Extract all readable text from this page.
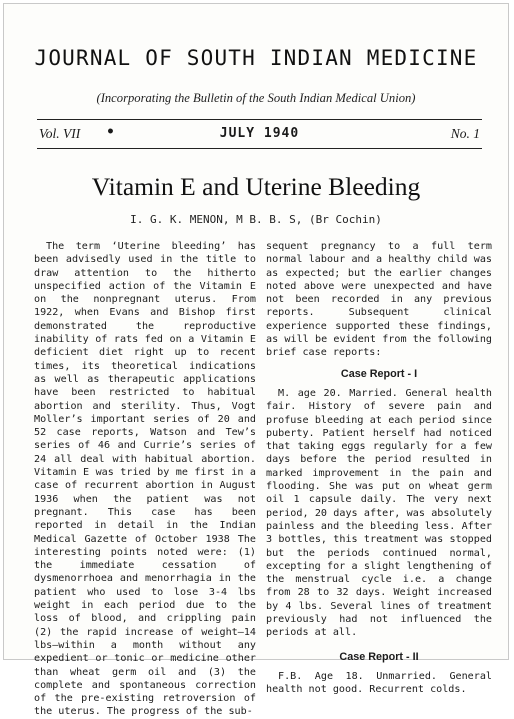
JOURNAL OF SOUTH INDIAN MEDICINE
(Incorporating the Bulletin of the South Indian Medical Union)
Vol. VII •	JULY 1940	No. 1
Vitamin E and Uterine Bleeding
I. G. K. MENON, M B. B. S, (Br Cochin)

The term ‘Uterine bleeding’ has been advisedly used in the title to draw attention to the hitherto unspecified action of the Vitamin E on the nonpregnant uterus. From 1922, when Evans and Bishop first demonstrated the reproductive inability of rats fed on a Vitamin E deficient diet right up to recent times, its theoretical indications as well as therapeutic applications have been restricted to habitual abortion and sterility. Thus, Vogt Moller’s important series of 20 and 52 case reports, Watson and Tew’s series of 46 and Currie’s series of 24 all deal with habitual abortion. Vitamin E was tried by me first in a case of recurrent abortion in August 1936 when the patient was not pregnant. This case has been reported in detail in the Indian Medical Gazette of October 1938 The interesting points noted were: (1) the immediate cessation of dysmenorrhoea and menorrhagia in the patient who used to lose 3-4 lbs weight in each period due to the loss of blood, and crippling pain (2) the rapid increase of weight—14 lbs—within a month without any expedient or tonic or medicine other than wheat germ oil and (3) the complete and spontaneous correction of the pre-existing retroversion of the uterus. The progress of the sub-

sequent pregnancy to a full term normal labour and a healthy child was as expected; but the earlier changes noted above were unexpected and have not been recorded in any previous reports. Subsequent clinical experience supported these findings, as will be evident from the following brief case reports:

Case Report - I

M. age 20. Married. General health fair. History of severe pain and profuse bleeding at each period since puberty. Patient herself had noticed that taking eggs regularly for a few days before the period resulted in marked improvement in the pain and flooding. She was put on wheat germ oil 1 capsule daily. The very next period, 20 days after, was absolutely painless and the bleeding less. After 3 bottles, this treatment was stopped but the periods continued normal, excepting for a slight lengthening of the menstrual cycle i.e. a change from 28 to 32 days. Weight increased by 4 lbs. Several lines of treatment previously had not influenced the periods at all.

Case Report - II

F.B. Age 18. Unmarried. General health not good. Recurrent colds.
